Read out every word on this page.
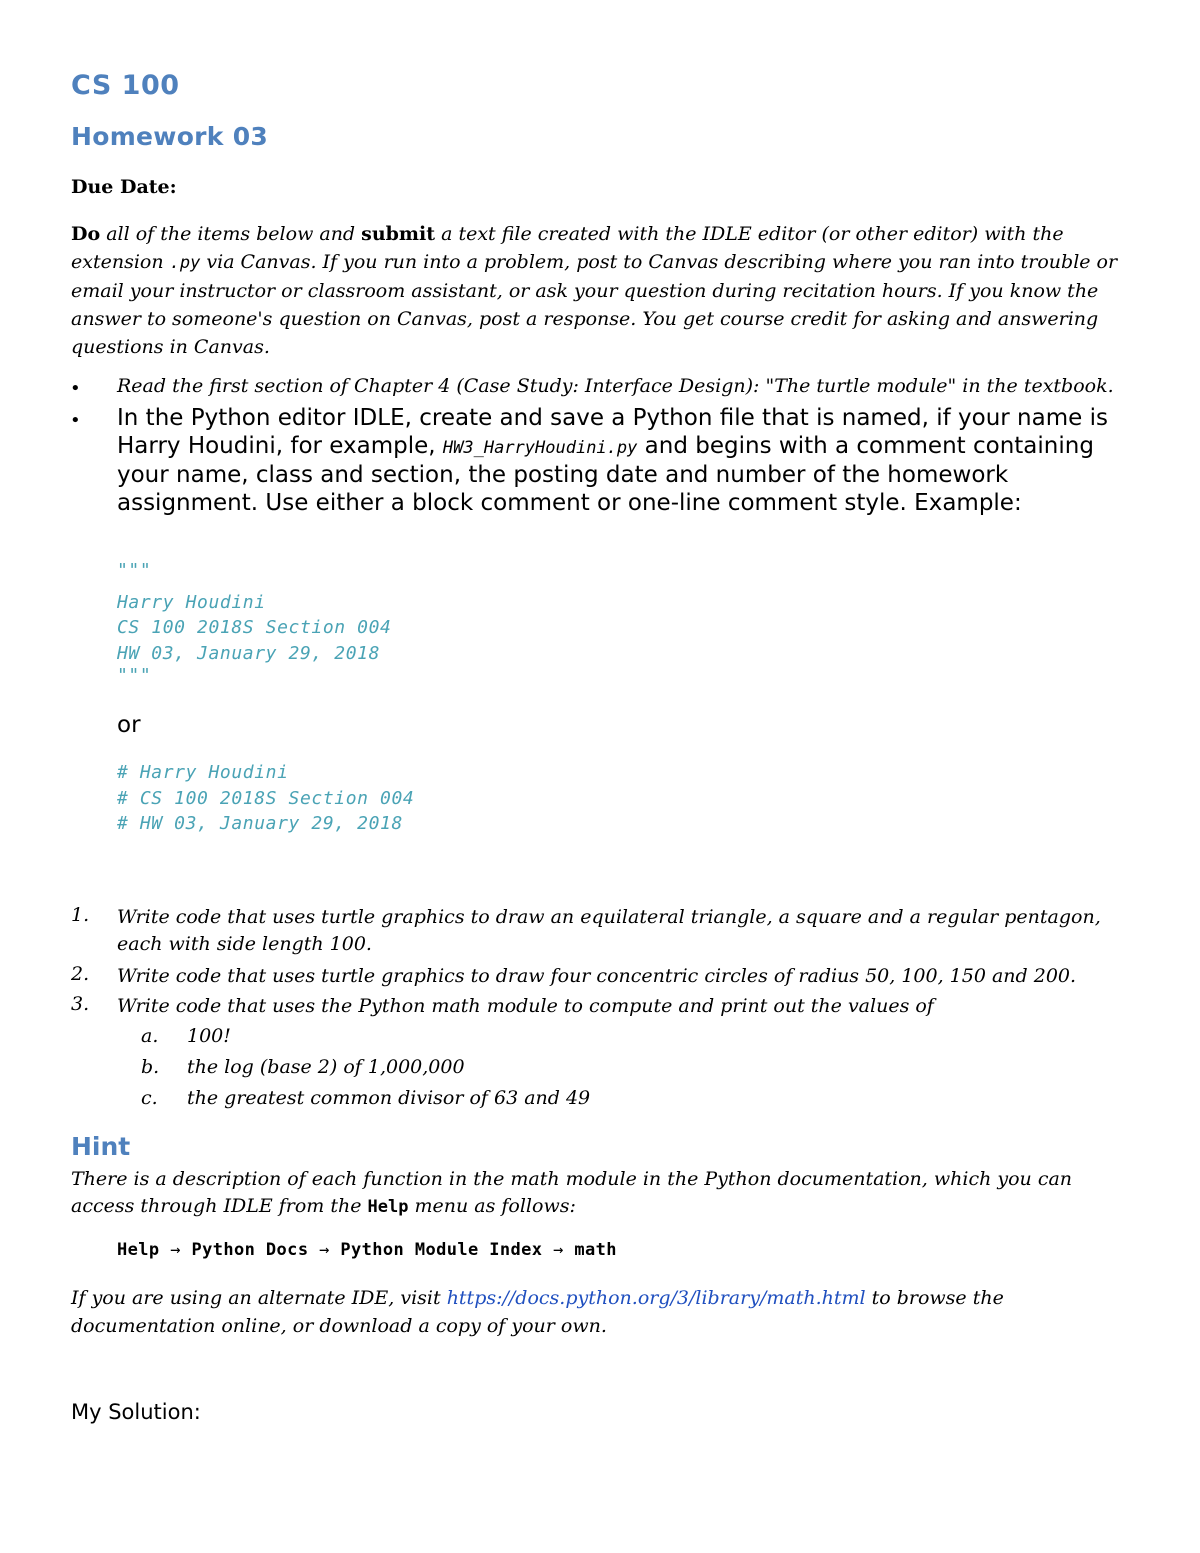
CS 100
Homework 03
Due Date:
Do all of the items below and submit a text file created with the IDLE editor (or other editor) with the extension .py via Canvas. If you run into a problem, post to Canvas describing where you ran into trouble or email your instructor or classroom assistant, or ask your question during recitation hours. If you know the answer to someone's question on Canvas, post a response. You get course credit for asking and answering questions in Canvas.
• Read the first section of Chapter 4 (Case Study: Interface Design): "The turtle module" in the textbook.
• In the Python editor IDLE, create and save a Python file that is named, if your name is Harry Houdini, for example, HW3_HarryHoudini.py and begins with a comment containing your name, class and section, the posting date and number of the homework assignment. Use either a block comment or one-line comment style. Example:
"""
Harry Houdini
CS 100 2018S Section 004
HW 03, January 29, 2018
"""
or
# Harry Houdini
# CS 100 2018S Section 004
# HW 03, January 29, 2018
1. Write code that uses turtle graphics to draw an equilateral triangle, a square and a regular pentagon, each with side length 100.
2. Write code that uses turtle graphics to draw four concentric circles of radius 50, 100, 150 and 200.
3. Write code that uses the Python math module to compute and print out the values of
a. 100!
b. the log (base 2) of 1,000,000
c. the greatest common divisor of 63 and 49
Hint
There is a description of each function in the math module in the Python documentation, which you can access through IDLE from the Help menu as follows:
Help → Python Docs → Python Module Index → math
If you are using an alternate IDE, visit https://docs.python.org/3/library/math.html to browse the documentation online, or download a copy of your own.
My Solution:
